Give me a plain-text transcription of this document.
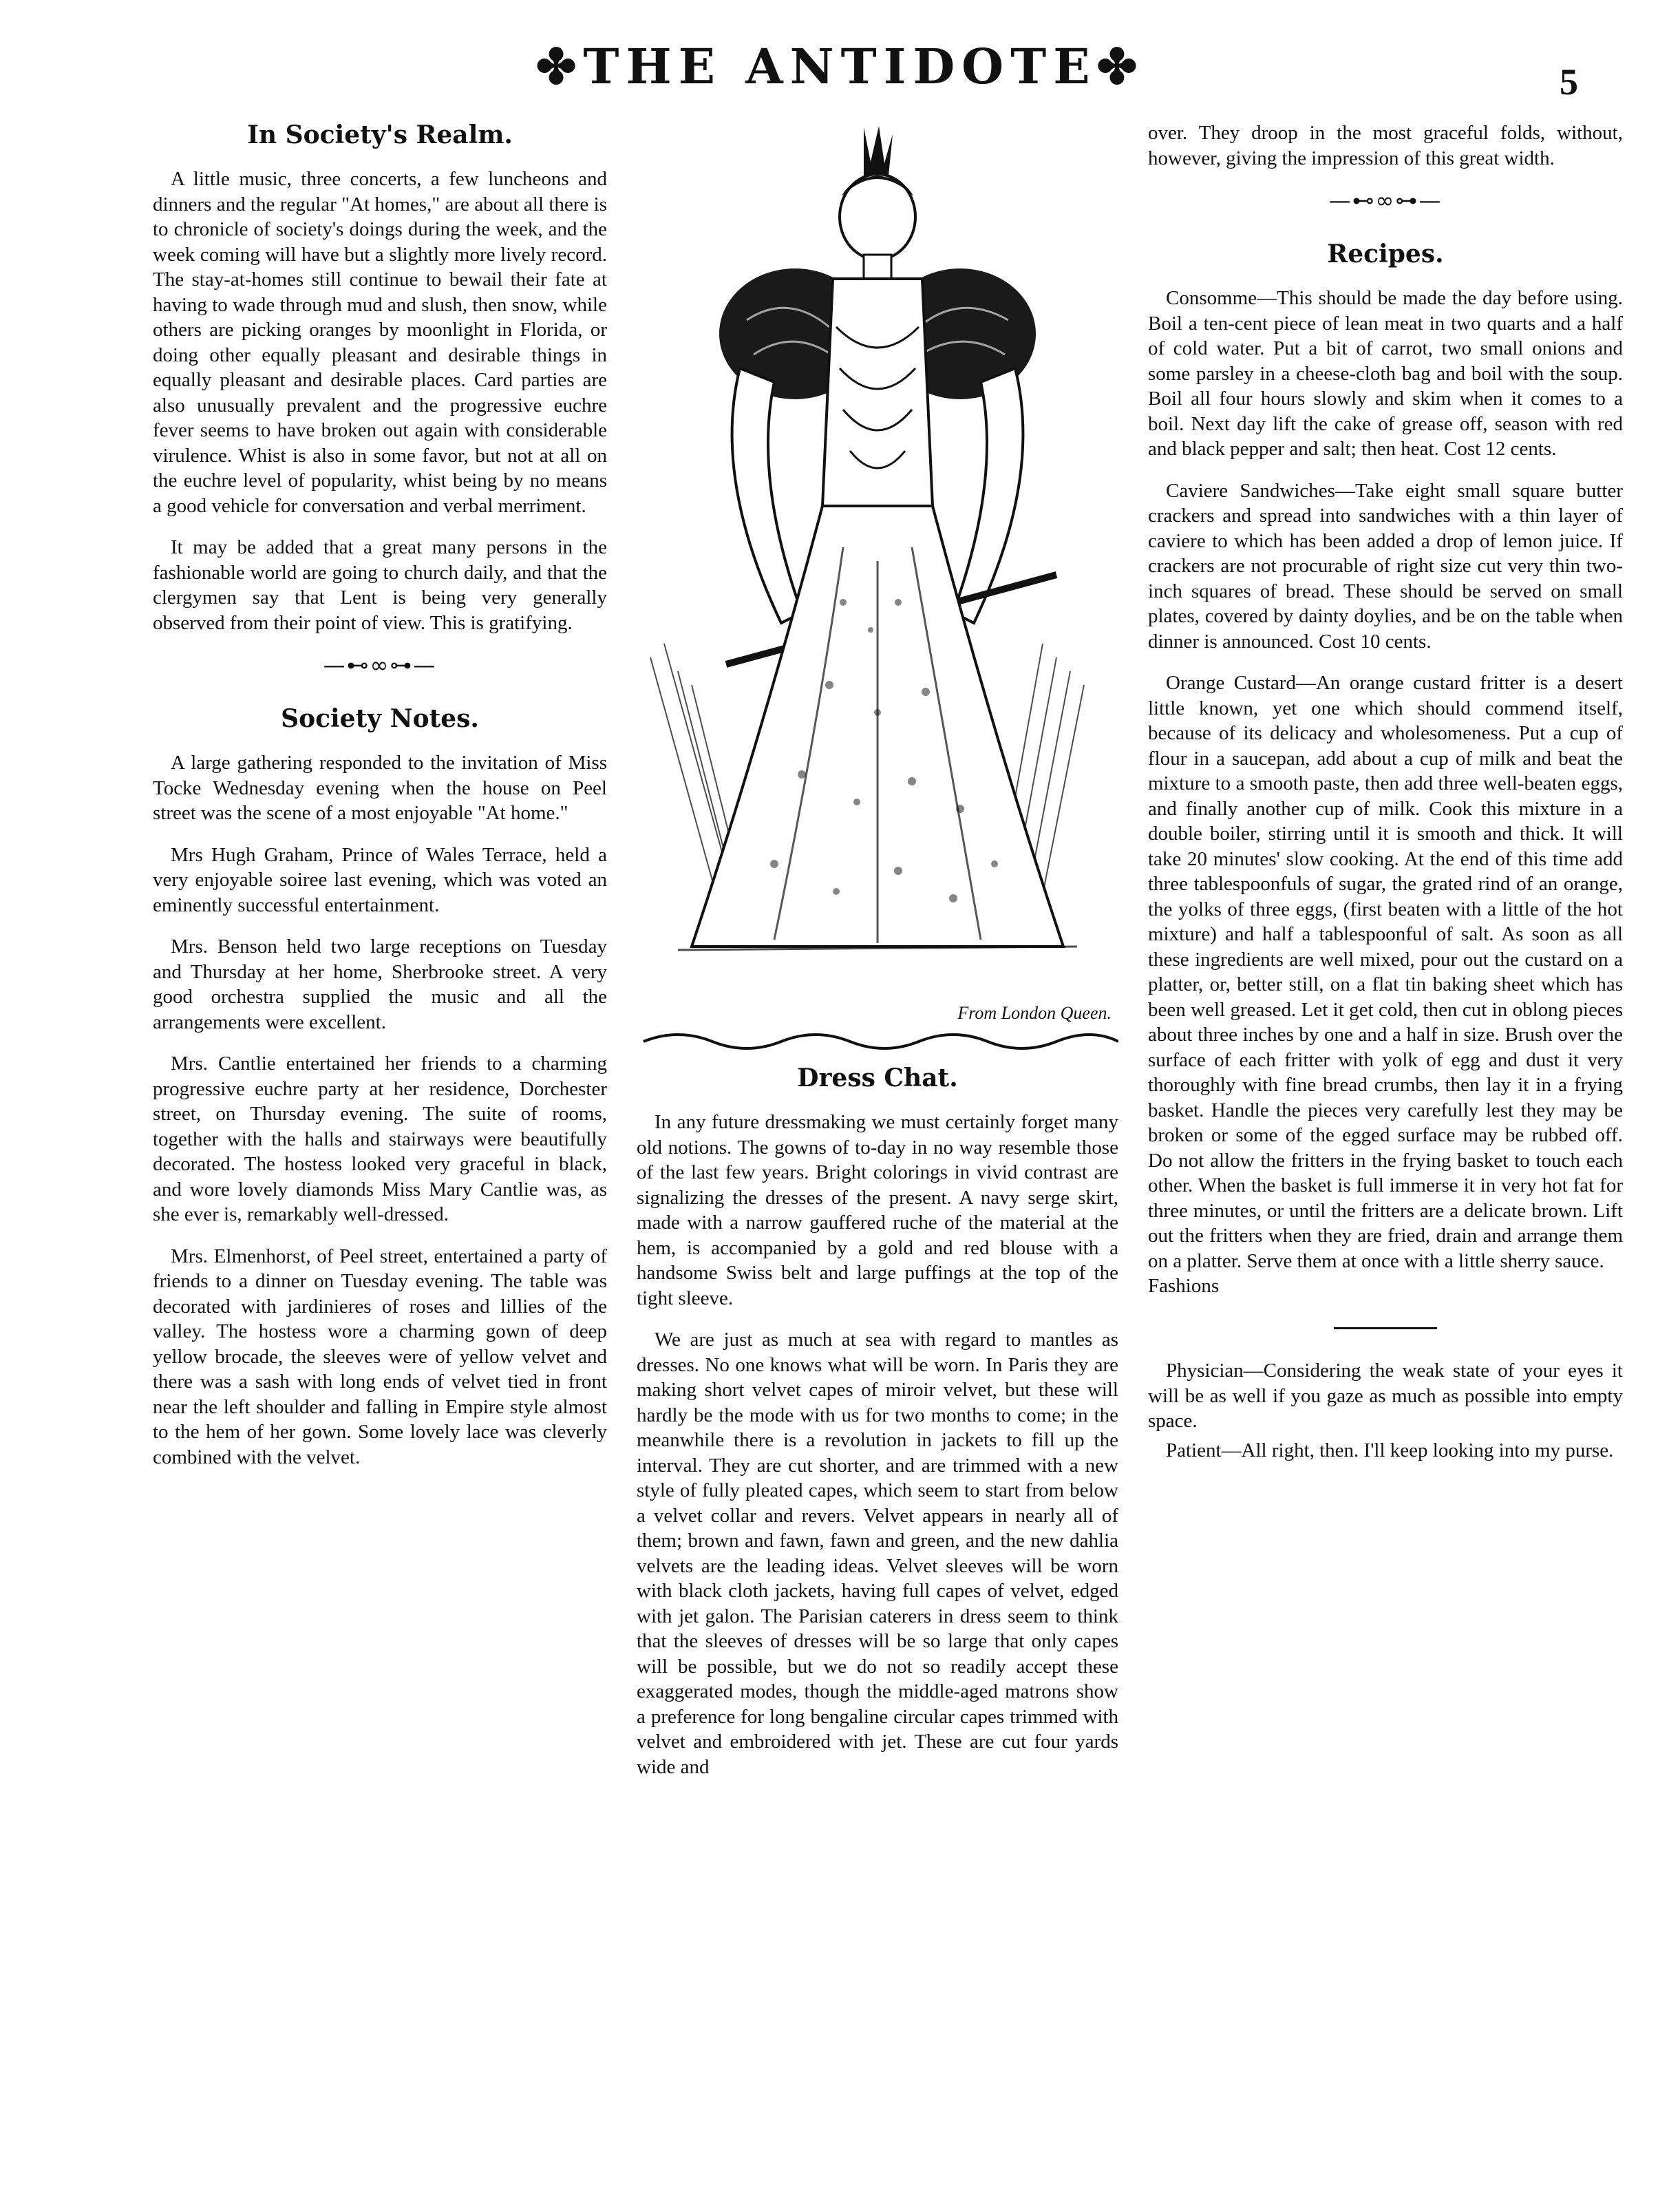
✤THE ANTIDOTE✤	5
In Society's Realm.

A little music, three concerts, a few luncheons and dinners and the regular "At homes," are about all there is to chronicle of society's doings during the week, and the week coming will have but a slightly more lively record. The stay-at-homes still continue to bewail their fate at having to wade through mud and slush, then snow, while others are picking oranges by moonlight in Florida, or doing other equally pleasant and desirable things in equally pleasant and desirable places. Card parties are also unusually prevalent and the progressive euchre fever seems to have broken out again with considerable virulence. Whist is also in some favor, but not at all on the euchre level of popularity, whist being by no means a good vehicle for conversation and verbal merriment.

It may be added that a great many persons in the fashionable world are going to church daily, and that the clergymen say that Lent is being very generally observed from their point of view. This is gratifying.

—⊷∞⊶—
Society Notes.

A large gathering responded to the invitation of Miss Tocke Wednesday evening when the house on Peel street was the scene of a most enjoyable "At home."

Mrs Hugh Graham, Prince of Wales Terrace, held a very enjoyable soiree last evening, which was voted an eminently successful entertainment.

Mrs. Benson held two large receptions on Tuesday and Thursday at her home, Sherbrooke street. A very good orchestra supplied the music and all the arrangements were excellent.

Mrs. Cantlie entertained her friends to a charming progressive euchre party at her residence, Dorchester street, on Thursday evening. The suite of rooms, together with the halls and stairways were beautifully decorated. The hostess looked very graceful in black, and wore lovely diamonds Miss Mary Cantlie was, as she ever is, remarkably well-dressed.

Mrs. Elmenhorst, of Peel street, entertained a party of friends to a dinner on Tuesday evening. The table was decorated with jardinieres of roses and lillies of the valley. The hostess wore a charming gown of deep yellow brocade, the sleeves were of yellow velvet and there was a sash with long ends of velvet tied in front near the left shoulder and falling in Empire style almost to the hem of her gown. Some lovely lace was cleverly combined with the velvet.

From London Queen.
Dress Chat.

In any future dressmaking we must certainly forget many old notions. The gowns of to-day in no way resemble those of the last few years. Bright colorings in vivid contrast are signalizing the dresses of the present. A navy serge skirt, made with a narrow gauffered ruche of the material at the hem, is accompanied by a gold and red blouse with a handsome Swiss belt and large puffings at the top of the tight sleeve.

We are just as much at sea with regard to mantles as dresses. No one knows what will be worn. In Paris they are making short velvet capes of miroir velvet, but these will hardly be the mode with us for two months to come; in the meanwhile there is a revolution in jackets to fill up the interval. They are cut shorter, and are trimmed with a new style of fully pleated capes, which seem to start from below a velvet collar and revers. Velvet appears in nearly all of them; brown and fawn, fawn and green, and the new dahlia velvets are the leading ideas. Velvet sleeves will be worn with black cloth jackets, having full capes of velvet, edged with jet galon. The Parisian caterers in dress seem to think that the sleeves of dresses will be so large that only capes will be possible, but we do not so readily accept these exaggerated modes, though the middle-aged matrons show a preference for long bengaline circular capes trimmed with velvet and embroidered with jet. These are cut four yards wide and

over. They droop in the most graceful folds, without, however, giving the impression of this great width.

—⊷∞⊶—
Recipes.

Consomme—This should be made the day before using. Boil a ten-cent piece of lean meat in two quarts and a half of cold water. Put a bit of carrot, two small onions and some parsley in a cheese-cloth bag and boil with the soup. Boil all four hours slowly and skim when it comes to a boil. Next day lift the cake of grease off, season with red and black pepper and salt; then heat. Cost 12 cents.

Caviere Sandwiches—Take eight small square butter crackers and spread into sandwiches with a thin layer of caviere to which has been added a drop of lemon juice. If crackers are not procurable of right size cut very thin two-inch squares of bread. These should be served on small plates, covered by dainty doylies, and be on the table when dinner is announced. Cost 10 cents.

Orange Custard—An orange custard fritter is a desert little known, yet one which should commend itself, because of its delicacy and wholesomeness. Put a cup of flour in a saucepan, add about a cup of milk and beat the mixture to a smooth paste, then add three well-beaten eggs, and finally another cup of milk. Cook this mixture in a double boiler, stirring until it is smooth and thick. It will take 20 minutes' slow cooking. At the end of this time add three tablespoonfuls of sugar, the grated rind of an orange, the yolks of three eggs, (first beaten with a little of the hot mixture) and half a tablespoonful of salt. As soon as all these ingredients are well mixed, pour out the custard on a platter, or, better still, on a flat tin baking sheet which has been well greased. Let it get cold, then cut in oblong pieces about three inches by one and a half in size. Brush over the surface of each fritter with yolk of egg and dust it very thoroughly with fine bread crumbs, then lay it in a frying basket. Handle the pieces very carefully lest they may be broken or some of the egged surface may be rubbed off. Do not allow the fritters in the frying basket to touch each other. When the basket is full immerse it in very hot fat for three minutes, or until the fritters are a delicate brown. Lift out the fritters when they are fried, drain and arrange them on a platter. Serve them at once with a little sherry sauce.

Fashions

Physician—Considering the weak state of your eyes it will be as well if you gaze as much as possible into empty space.

Patient—All right, then. I'll keep looking into my purse.
